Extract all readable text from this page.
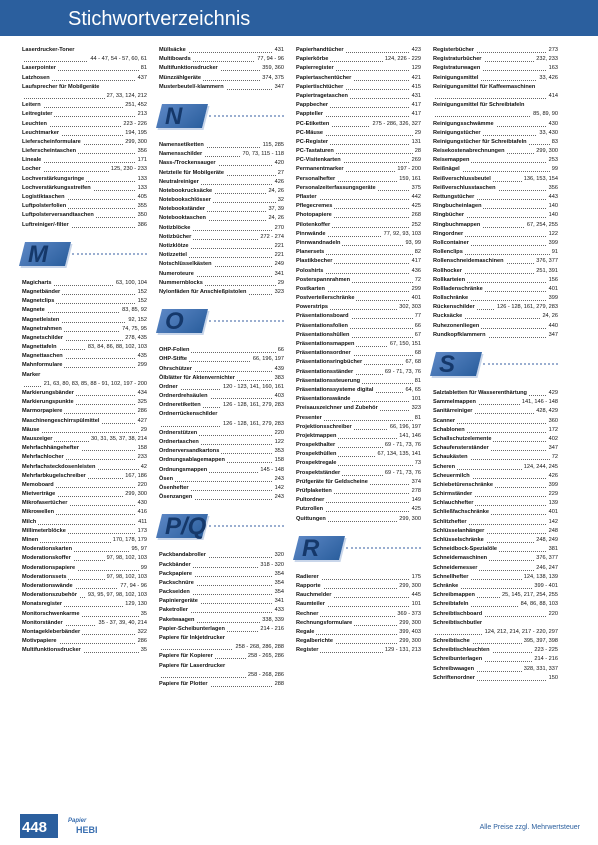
Stichwortverzeichnis
Laserdrucker-Toner
44 - 47, 54 - 57, 60, 61
Laserpointer	81
Latzhosen	437
Laufsprecher für Mobilgeräte
27, 33, 124, 212
Leitern	251, 452
Leitregister	213
Leuchten	223 - 226
Leuchtmarker	194, 195
Lieferscheinformulare	299, 300
Lieferscheintaschen	356
Lineale	171
Locher	125, 230 - 233
Lochverstärkungsringe	133
Lochverstärkungsstreifen	133
Logistiktaschen	405
Luftpolsterfolien	355
Luftpolsterversandtaschen	350
Luftreiniger/-filter	386
M
Magicharts	63, 100, 104
Magnetbänder	152
Magnetclips	152
Magnete	83, 85, 92
Magnetleisten	92, 152
Magnetrahmen	74, 75, 95
Magnetschilder	278, 435
Magnettafeln	83, 84, 86, 88, 102, 103
Magnettaschen	435
Mahnformulare	299
Marker
21, 63, 80, 83, 85, 88 - 91, 102, 197 - 200
Markierungsbänder	434
Markierungspunkte	325
Marmorpapiere	286
Maschinengeschirrspülmittel	427
Mäuse	29
Mauszeiger	30, 31, 35, 37, 38, 214
Mehrfachhängehefter	158
Mehrfachlocher	233
Mehrfachsteckdosenleisten	42
Mehrfarbkugelschreiber	167, 186
Memoboard	220
Mietverträge	299, 300
Mikrofasertücher	430
Mikrowellen	416
Milch	411
Millimeterblöcke	173
Minen	170, 178, 179
Moderationskarten	95, 97
Moderationskoffer	97, 98, 102, 103
Moderationspapiere	99
Moderationssets	97, 98, 102, 103
Moderationswände	77, 94 - 96
Moderationszubehör	93, 95, 97, 98, 102, 103
Monatsregister	129, 130
Monitorschwenkarme	35
Monitorständer	35 - 37, 39, 40, 214
Montagekleberbänder	322
Motivpapiere	286
Multifunktionsdrucker	35
Müllsäcke	431
Multiboards	77, 94 - 96
Multifunktionsdrucker	359, 360
Münzzählgeräte	374, 375
Musterbeutel/-klammern	347
N
Namensetiketten	115, 285
Namensschilder	70, 73, 115 - 118
Nass-/Trockensauger	420
Netzteile für Mobilgeräte	27
Neutralreiniger	426
Notebookrucksäcke	24, 26
Notebookschlösser	32
Notebookständer	37, 39
Notebooktaschen	24, 26
Notizblöcke	270
Notizbücher	272 - 274
Notizklötze	221
Notizzettel	221
Notschlüsselkästen	249
Numeroteure	341
Nummernblocks	29
Nylonfäden für Anschießpistolen	323
O
OHP-Folien	66
OHP-Stifte	66, 196, 197
Ohrschützer	439
Ölblätter für Aktenvernichter	383
Ordner	120 - 123, 141, 160, 161
Ordnerdrehsäulen	403
Ordneretiketten	126 - 128, 161, 279, 283
Ordnerrückenschilder
126 - 128, 161, 279, 283
Ordnerstützen	220
Ordnertaschen	122
Ordnerversandkartons	353
Ordnungsablagemappen	158
Ordnungsmappen	145 - 148
Ösen	243
Ösenhefter	142
Ösenzangen	243
P/Q
Packbandabroller	320
Packbänder	318 - 320
Packpapiere	354
Packschnüre	354
Packseiden	354
Papiniergeräte	341
Paketroller	433
Paketwaagen	338, 339
Papier-Scheibunterlagen	214 - 216
Papiere für Inkjetdrucker
258 - 268, 286, 288
Papiere für Kopierer	258 - 265, 286
Papiere für Laserdrucker
258 - 268, 286
Papiere für Plotter	288
Papierhandtücher	423
Papierkörbe	124, 226 - 229
Papierregister	129
Papiertaschentücher	421
Papiertischtücher	415
Papiertragetaschen	431
Pappbecher	417
Pappteller	417
PC-Etiketten	275 - 286, 326, 327
PC-Mäuse	29
PC-Register	131
PC-Tastaturen	28
PC-Visitenkarten	269
Permanentmarker	197 - 200
Personalhefter	159, 161
Personalzeiterfassungsgeräte	375
Pflaster	442
Pflegecremes	425
Photopapiere	268
Pilotenkoffer	252
Pinnwände	77, 92, 93, 103
Pinnwandnadeln	93, 99
Planersets	82
Plastikbecher	417
Poloshirts	436
Posterspannrahmen	72
Postkarten	299
Postverteilerschränke	401
Powerstrips	302, 303
Präsentationsboard	77
Präsentationsfolien	66
Präsentationshüllen	67
Präsentationsmappen	67, 150, 151
Präsentationsordner	68
Präsentationsringbücher	67, 68
Präsentationsständer	69 - 71, 73, 76
Präsentationssteuerung	81
Präsentationssysteme digital	64, 65
Präsentationswände	101
Preisauszeichner und Zubehör	323
Presenter	81
Projektionsschreiber	66, 196, 197
Projektmappen	141, 146
Prospekthalter	69 - 71, 73, 76
Prospekthüllen	67, 134, 135, 141
Prospektregale	73
Prospektständer	69 - 71, 73, 76
Prüfgeräte für Geldscheine	374
Prüfplaketten	278
Pultordner	149
Putzrollen	425
Quittungen	299, 300
R
Radierer	175
Rapporte	299, 300
Rauchmelder	445
Raumteiler	101
Rechner	369 - 373
Rechnungsformulare	299, 300
Regale	399, 403
Regalberichte	299, 300
Register	129 - 131, 213
Registerbücher	273
Registraturbücher	232, 233
Registraturwagen	163
Reinigungsmittel	33, 426
Reinigungsmittel für Kaffeemaschinen
414
Reinigungsmittel für Schreibtafeln
85, 89, 90
Reinigungsschwämme	430
Reinigungstücher	33, 430
Reinigungstücher für Schreibtafeln	83
Reisekostenabrechnungen	299, 300
Reisemappen	253
Reißnägel	99
Reißverschlussbeutel	136, 153, 154
Reißverschlusstaschen	356
Rettungstücher	443
Ringbucheinlagen	140
Ringbücher	140
Ringbuchmappen	67, 254, 255
Ringordner	122
Rollcontainer	399
Rollenclips	91
Rollenschneidemaschinen	376, 377
Rollhocker	251, 391
Rollkarteien	156
Rollladenschränke	401
Rollschränke	399
Rückenschilder	126 - 128, 161, 279, 283
Rucksäcke	24, 26
Ruhezonenliegen	440
Rundkopfklammern	347
S
Salztabletten für Wasserenthärtung	429
Sammelmappen	141, 146 - 148
Sanitärreiniger	428, 429
Scanner	360
Schablonen	172
Schallschutzelemente	402
Schaufensterständer	347
Schaukästen	72
Scheren	124, 244, 245
Scheuermilch	426
Schiebetürenschränke	399
Schirmständer	229
Schlauchhefter	139
Schließfachschränke	401
Schlitzhefter	142
Schlüsselanhänger	248
Schlüsselschränke	248, 249
Schneidbock-Spezialöle	381
Schneidemaschinen	376, 377
Schneidemesser	246, 247
Schnellhefter	124, 138, 139
Schränke	399 - 401
Schreibmappen	25, 145, 217, 254, 255
Schreibtafeln	84, 86, 88, 103
Schreibtischboard	220
Schreibtischbutler
124, 212, 214, 217 - 220, 297
Schreibtische	395, 397, 398
Schreibtischleuchten	223 - 225
Schreibunterlagen	214 - 216
Schreibwaagen	328, 331, 337
Schriftenordner	150
448	Papier
HEBI	Alle Preise zzgl. Mehrwertsteuer
